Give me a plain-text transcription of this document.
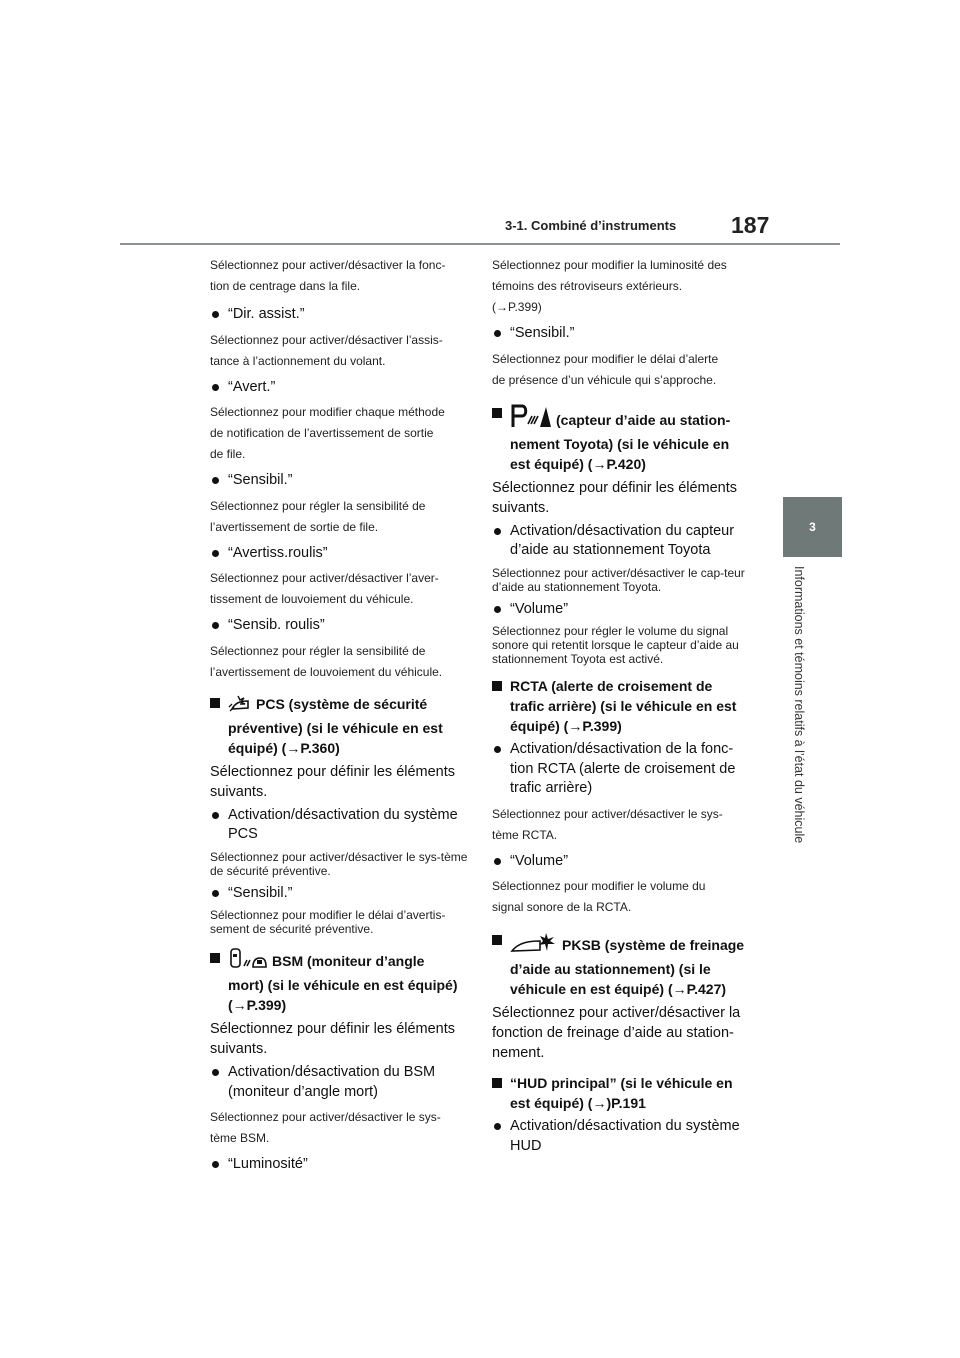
3-1. Combiné d’instruments 187
3
Informations et témoins relatifs à l’état du véhicule
Sélectionnez pour activer/désactiver la fonc-
tion de centrage dans la file.
“Dir. assist.”
Sélectionnez pour activer/désactiver l’assis-
tance à l’actionnement du volant.
“Avert.”
Sélectionnez pour modifier chaque méthode
de notification de l’avertissement de sortie
de file.
“Sensibil.”
Sélectionnez pour régler la sensibilité de
l’avertissement de sortie de file.
“Avertiss.roulis”
Sélectionnez pour activer/désactiver l’aver-
tissement de louvoiement du véhicule.
“Sensib. roulis”
Sélectionnez pour régler la sensibilité de
l’avertissement de louvoiement du véhicule.
PCS (système de sécurité
préventive) (si le véhicule en est
équipé) (→P.360)
Sélectionnez pour définir les éléments
suivants.
Activation/désactivation du système
PCS
Sélectionnez pour activer/désactiver le sys-tème de sécurité préventive.
“Sensibil.”
Sélectionnez pour modifier le délai d’avertis-sement de sécurité préventive.
BSM (moniteur d’angle
mort) (si le véhicule en est équipé)
(→P.399)
Sélectionnez pour définir les éléments
suivants.
Activation/désactivation du BSM
(moniteur d’angle mort)
Sélectionnez pour activer/désactiver le sys-
tème BSM.
“Luminosité”
Sélectionnez pour modifier la luminosité des
témoins des rétroviseurs extérieurs.
(→P.399)
“Sensibil.”
Sélectionnez pour modifier le délai d’alerte
de présence d’un véhicule qui s’approche.
(capteur d’aide au station-
nement Toyota) (si le véhicule en
est équipé) (→P.420)
Sélectionnez pour définir les éléments
suivants.
Activation/désactivation du capteur
d’aide au stationnement Toyota
Sélectionnez pour activer/désactiver le cap-teur d’aide au stationnement Toyota.
“Volume”
Sélectionnez pour régler le volume du signal sonore qui retentit lorsque le capteur d’aide au stationnement Toyota est activé.
RCTA (alerte de croisement de
trafic arrière) (si le véhicule en est
équipé) (→P.399)
Activation/désactivation de la fonc-
tion RCTA (alerte de croisement de
trafic arrière)
Sélectionnez pour activer/désactiver le sys-
tème RCTA.
“Volume”
Sélectionnez pour modifier le volume du
signal sonore de la RCTA.
PKSB (système de freinage
d’aide au stationnement) (si le
véhicule en est équipé) (→P.427)
Sélectionnez pour activer/désactiver la
fonction de freinage d’aide au station-
nement.
“HUD principal” (si le véhicule en
est équipé) (→)P.191
Activation/désactivation du système
HUD
